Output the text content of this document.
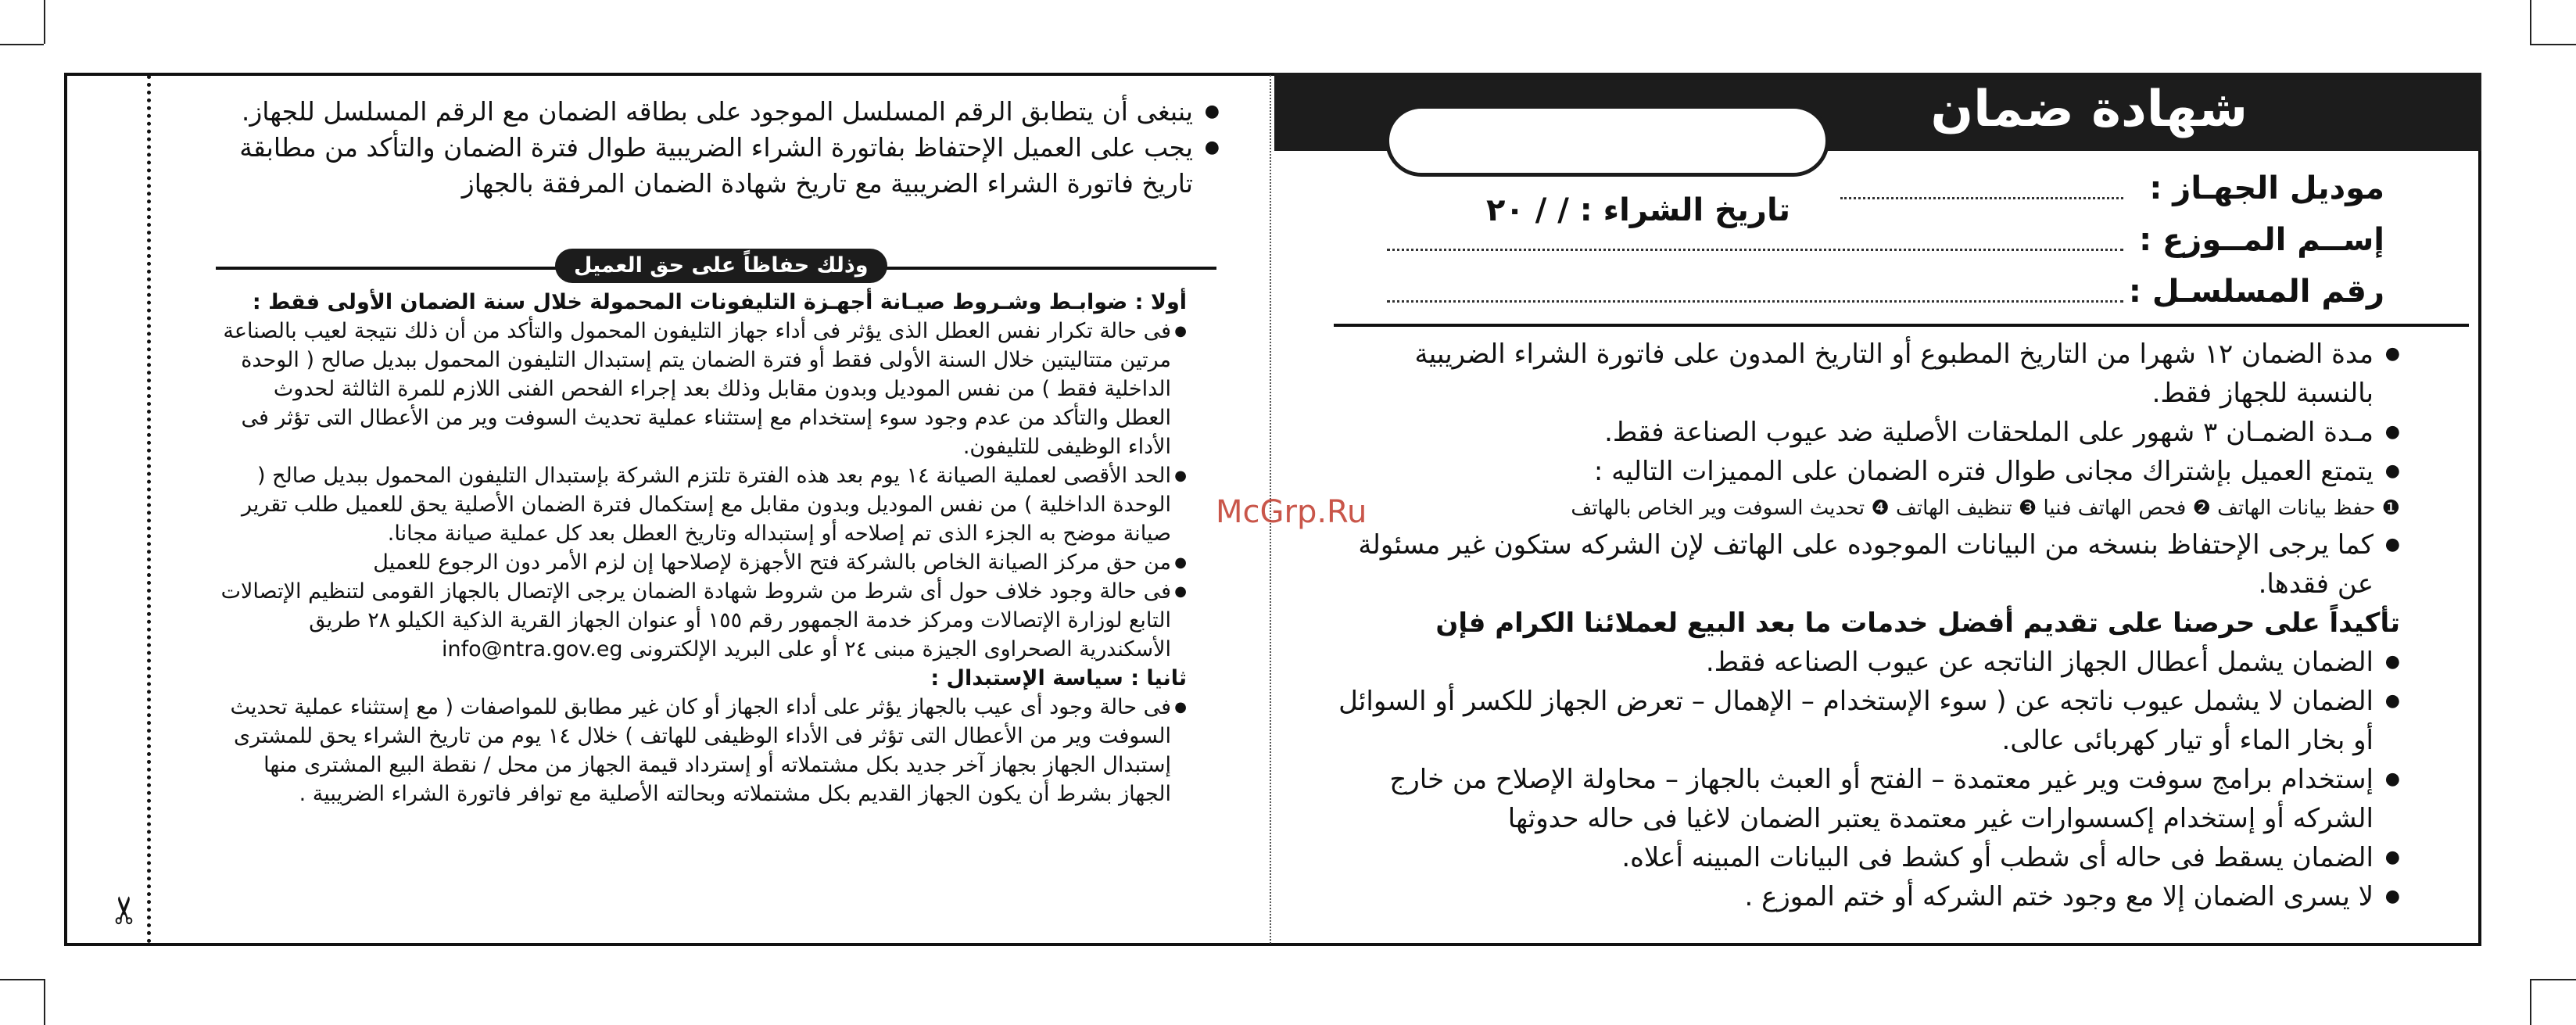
✂
شهادة ضمان
موديل الجهـاز :
تاريخ الشراء : / / ٢٠
إســم المــوزع :
رقم المسلسـل :
● مدة الضمان ١٢ شهرا من التاريخ المطبوع أو التاريخ المدون على فاتورة الشراء الضريبية بالنسبة للجهاز فقط.
● مـدة الضمـان ٣ شهور على الملحقات الأصلية ضد عيوب الصناعة فقط.
● يتمتع العميل بإشتراك مجانى طوال فتره الضمان على المميزات التاليه :
❶ حفظ بيانات الهاتف ❷ فحص الهاتف فنيا ❸ تنظيف الهاتف ❹ تحديث السوفت وير الخاص بالهاتف
● كما يرجى الإحتفاظ بنسخه من البيانات الموجوده على الهاتف لإن الشركه ستكون غير مسئولة عن فقدها.
تأكيداً على حرصنا على تقديم أفضل خدمات ما بعد البيع لعملائنا الكرام فإن
● الضمان يشمل أعطال الجهاز الناتجه عن عيوب الصناعه فقط.
● الضمان لا يشمل عيوب ناتجه عن ( سوء الإستخدام – الإهمال – تعرض الجهاز للكسر أو السوائل أو بخار الماء أو تيار كهربائى عالى.
● إستخدام برامج سوفت وير غير معتمدة – الفتح أو العبث بالجهاز – محاولة الإصلاح من خارج الشركه أو إستخدام إكسسوارات غير معتمدة يعتبر الضمان لاغيا فى حاله حدوثها
● الضمان يسقط فى حاله أى شطب أو كشط فى البيانات المبينه أعلاه.
● لا يسرى الضمان إلا مع وجود ختم الشركه أو ختم الموزع .

● ينبغى أن يتطابق الرقم المسلسل الموجود على بطاقه الضمان مع الرقم المسلسل للجهاز.

● يجب على العميل الإحتفاظ بفاتورة الشراء الضريبية طوال فترة الضمان والتأكد من مطابقة تاريخ فاتورة الشراء الضريبية مع تاريخ شهادة الضمان المرفقة بالجهاز

وذلك حفاظاً على حق العميل

أولا : ضوابـط وشـروط صيـانة أجهـزة التليفونات المحمولة خلال سنة الضمان الأولى فقط :

● فى حالة تكرار نفس العطل الذى يؤثر فى أداء جهاز التليفون المحمول والتأكد من أن ذلك نتيجة لعيب بالصناعة مرتين متتاليتين خلال السنة الأولى فقط أو فترة الضمان يتم إستبدال التليفون المحمول ببديل صالح ( الوحدة الداخلية فقط ) من نفس الموديل وبدون مقابل وذلك بعد إجراء الفحص الفنى اللازم للمرة الثالثة لحدوث العطل والتأكد من عدم وجود سوء إستخدام مع إستثناء عملية تحديث السوفت وير من الأعطال التى تؤثر فى الأداء الوظيفى للتليفون.

● الحد الأقصى لعملية الصيانة ١٤ يوم بعد هذه الفترة تلتزم الشركة بإستبدال التليفون المحمول ببديل صالح ( الوحدة الداخلية ) من نفس الموديل وبدون مقابل مع إستكمال فترة الضمان الأصلية يحق للعميل طلب تقرير صيانة موضح به الجزء الذى تم إصلاحه أو إستبداله وتاريخ العطل بعد كل عملية صيانة مجانا.

● من حق مركز الصيانة الخاص بالشركة فتح الأجهزة لإصلاحها إن لزم الأمر دون الرجوع للعميل

● فى حالة وجود خلاف حول أى شرط من شروط شهادة الضمان يرجى الإتصال بالجهاز القومى لتنظيم الإتصالات التابع لوزارة الإتصالات ومركز خدمة الجمهور رقم ١٥٥ أو عنوان الجهاز القرية الذكية الكيلو ٢٨ طريق الأسكندرية الصحراوى الجيزة مبنى ٢٤ أو على البريد الإلكترونى info@ntra.gov.eg

ثانيا : سياسة الإستبدال :

● فى حالة وجود أى عيب بالجهاز يؤثر على أداء الجهاز أو كان غير مطابق للمواصفات ( مع إستثناء عملية تحديث السوفت وير من الأعطال التى تؤثر فى الأداء الوظيفى للهاتف ) خلال ١٤ يوم من تاريخ الشراء يحق للمشترى إستبدال الجهاز بجهاز آخر جديد بكل مشتملاته أو إسترداد قيمة الجهاز من محل / نقطة البيع المشترى منها الجهاز بشرط أن يكون الجهاز القديم بكل مشتملاته وبحالته الأصلية مع توافر فاتورة الشراء الضريبية .

McGrp.Ru
